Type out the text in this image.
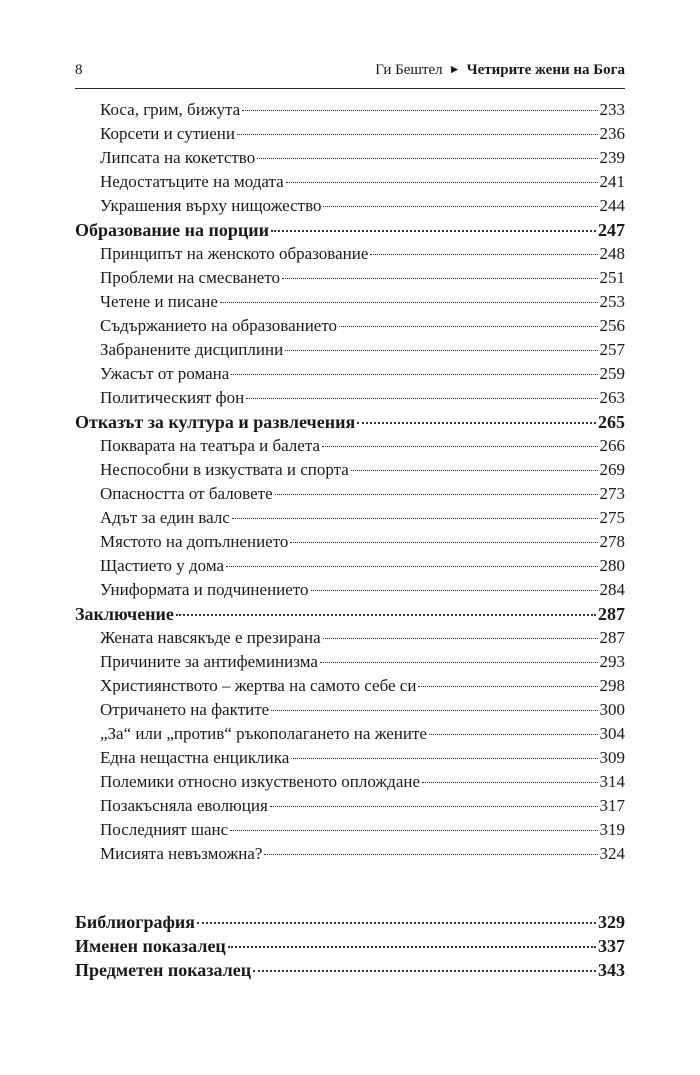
8	Ги Бештел ► Четирите жени на Бога
Коса, грим, бижута	233
Корсети и сутиени	236
Липсата на кокетство	239
Недостатъците на модата	241
Украшения върху нищожество	244
Образование на порции	247
Принципът на женското образование	248
Проблеми на смесването	251
Четене и писане	253
Съдържанието на образованието	256
Забранените дисциплини	257
Ужасът от романа	259
Политическият фон	263
Отказът за култура и развлечения	265
Покварата на театъра и балета	266
Неспособни в изкуствата и спорта	269
Опасността от баловете	273
Адът за един валс	275
Мястото на допълнението	278
Щастието у дома	280
Униформата и подчинението	284
Заключение	287
Жената навсякъде е презирана	287
Причините за антифеминизма	293
Християнството – жертва на самото себе си	298
Отричането на фактите	300
„За“ или „против“ ръкополагането на жените	304
Една нещастна енциклика	309
Полемики относно изкуственото оплождане	314
Позакъсняла еволюция	317
Последният шанс	319
Мисията невъзможна?	324
Библиография	329
Именен показалец	337
Предметен показалец	343
